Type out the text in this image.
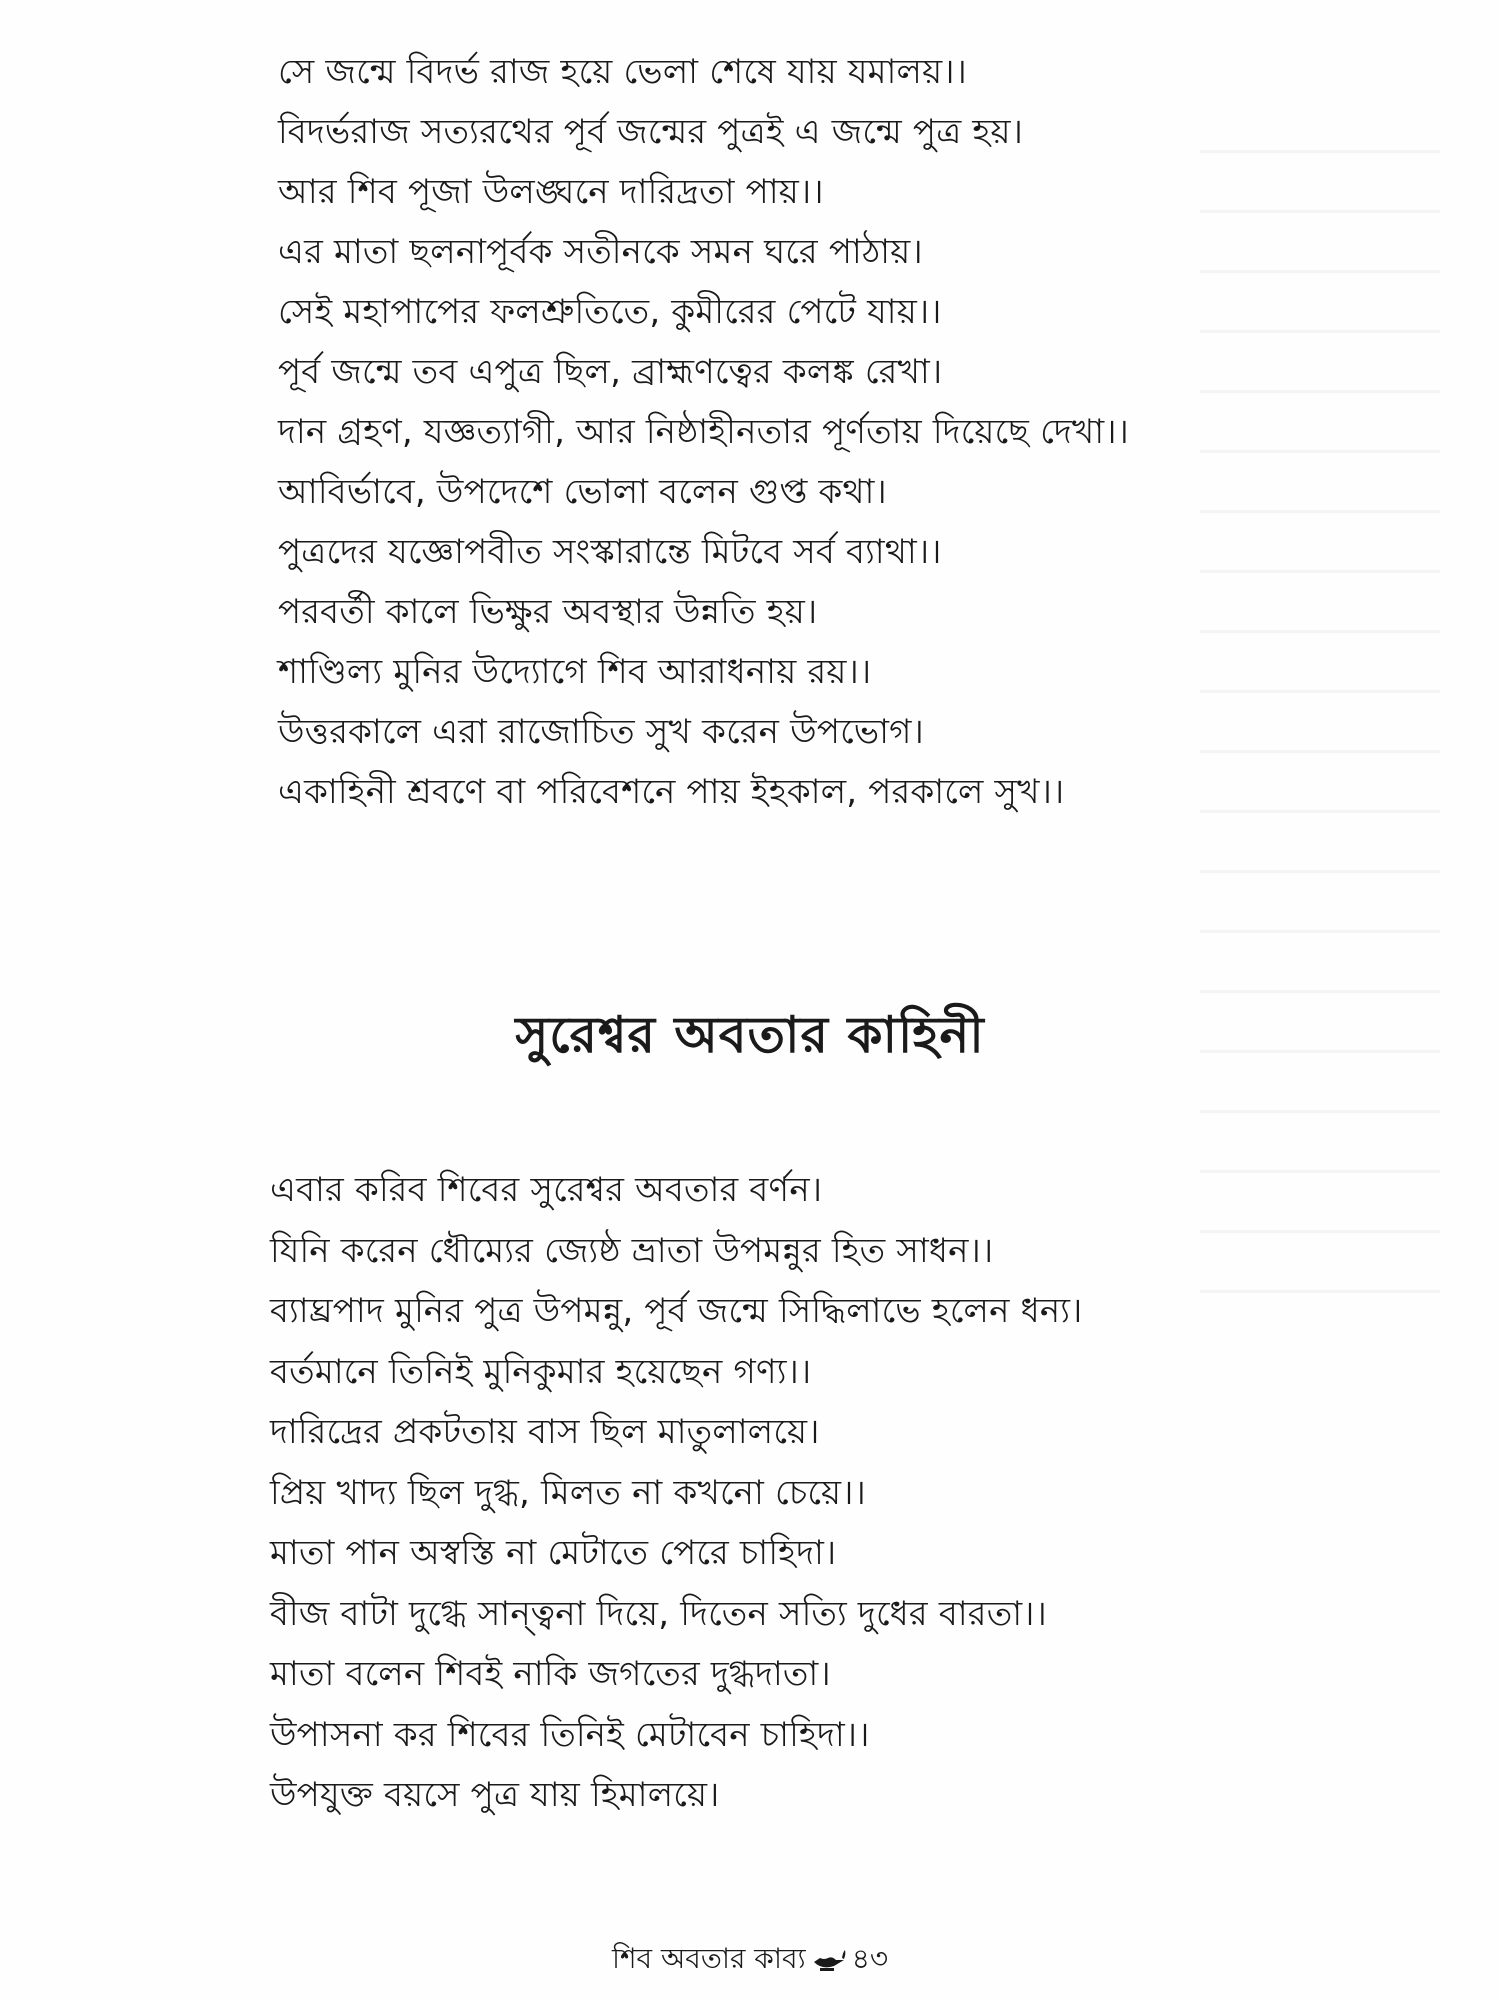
সে জন্মে বিদর্ভ রাজ হয়ে ভেলা শেষে যায় যমালয়।।
বিদর্ভরাজ সত্যরথের পূর্ব জন্মের পুত্রই এ জন্মে পুত্র হয়।
আর শিব পূজা উলঙ্ঘনে দারিদ্রতা পায়।।
এর মাতা ছলনাপূর্বক সতীনকে সমন ঘরে পাঠায়।
সেই মহাপাপের ফলশ্রুতিতে, কুমীরের পেটে যায়।।
পূর্ব জন্মে তব এপুত্র ছিল, ব্রাহ্মণত্বের কলঙ্ক রেখা।
দান গ্রহণ, যজ্ঞত্যাগী, আর নিষ্ঠাহীনতার পূর্ণতায় দিয়েছে দেখা।।
আবির্ভাবে, উপদেশে ভোলা বলেন গুপ্ত কথা।
পুত্রদের যজ্ঞোপবীত সংস্কারান্তে মিটবে সর্ব ব্যাথা।।
পরবর্তী কালে ভিক্ষুর অবস্থার উন্নতি হয়।
শাণ্ডিল্য মুনির উদ্যোগে শিব আরাধনায় রয়।।
উত্তরকালে এরা রাজোচিত সুখ করেন উপভোগ।
একাহিনী শ্রবণে বা পরিবেশনে পায় ইহকাল, পরকালে সুখ।।
সুরেশ্বর অবতার কাহিনী
এবার করিব শিবের সুরেশ্বর অবতার বর্ণন।
যিনি করেন ধৌম্যের জ্যেষ্ঠ ভ্রাতা উপমন্নুর হিত সাধন।।
ব্যাঘ্রপাদ মুনির পুত্র উপমন্নু, পূর্ব জন্মে সিদ্ধিলাভে হলেন ধন্য।
বর্তমানে তিনিই মুনিকুমার হয়েছেন গণ্য।।
দারিদ্রের প্রকটতায় বাস ছিল মাতুলালয়ে।
প্রিয় খাদ্য ছিল দুগ্ধ, মিলত না কখনো চেয়ে।।
মাতা পান অস্বস্তি না মেটাতে পেরে চাহিদা।
বীজ বাটা দুগ্ধে সান্ত্বনা দিয়ে, দিতেন সত্যি দুধের বারতা।।
মাতা বলেন শিবই নাকি জগতের দুগ্ধদাতা।
উপাসনা কর শিবের তিনিই মেটাবেন চাহিদা।।
উপযুক্ত বয়সে পুত্র যায় হিমালয়ে।

শিব অবতার কাব্য ৪৩
